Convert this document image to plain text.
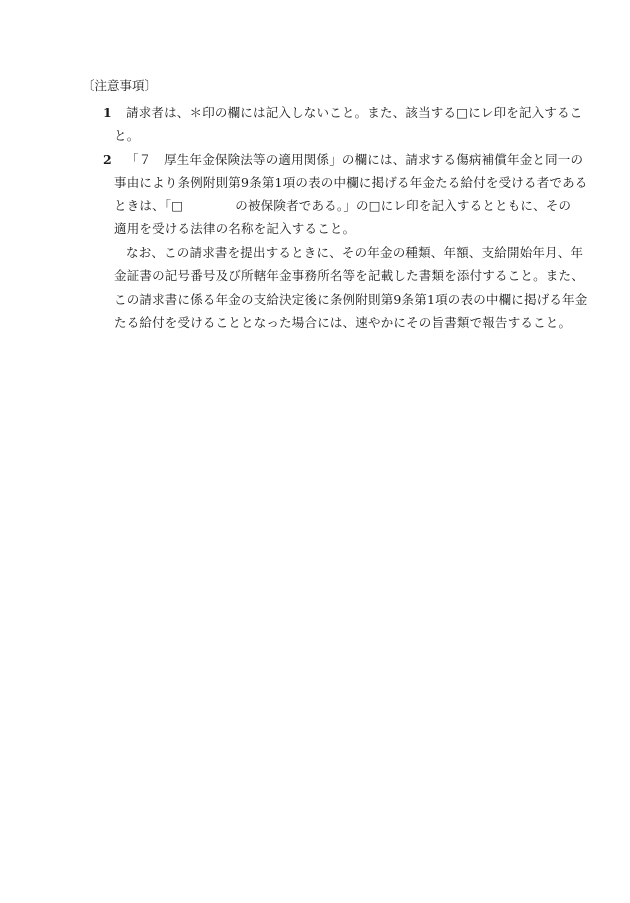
〔注意事項〕
1 請求者は、＊印の欄には記入しないこと。また、該当する□にレ印を記入するこ
と。
2 「７　厚生年金保険法等の適用関係」の欄には、請求する傷病補償年金と同一の
事由により条例附則第9条第1項の表の中欄に掲げる年金たる給付を受ける者である
ときは、「□	の被保険者である。」の□にレ印を記入するとともに、その
適用を受ける法律の名称を記入すること。
なお、この請求書を提出するときに、その年金の種類、年額、支給開始年月、年
金証書の記号番号及び所轄年金事務所名等を記載した書類を添付すること。また、
この請求書に係る年金の支給決定後に条例附則第9条第1項の表の中欄に掲げる年金
たる給付を受けることとなった場合には、速やかにその旨書類で報告すること。
